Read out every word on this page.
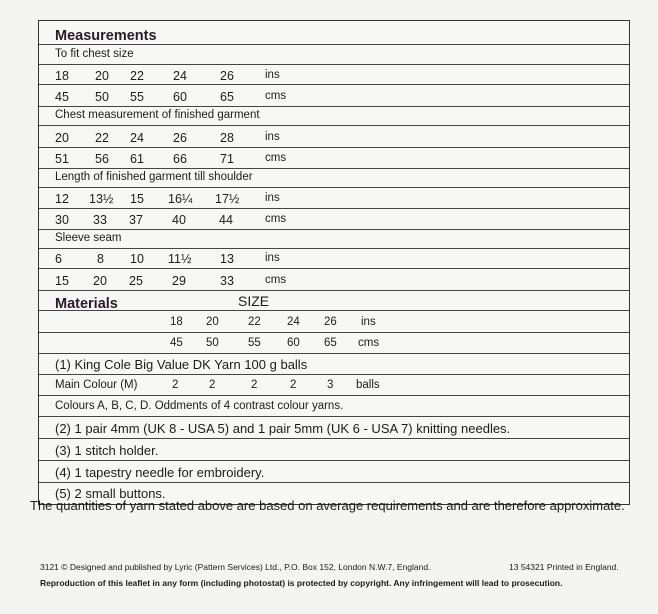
Measurements
To fit chest size
18 20 22 24	26	ins
45 50 55 60	65	cms
Chest measurement of finished garment
20 22 24 26	28	ins
51 56 61 66	71	cms
Length of finished garment till shoulder
12 13½ 15 16¼ 17½ ins
30 33 37 40	44	cms
Sleeve seam
6	8 10 11½ 13	ins
15 20 25 29	33	cms
Materials	SIZE
18 20	22 24 26 ins
45 50	55 60 65 cms
(1) King Cole Big Value DK Yarn 100 g balls
Main Colour (M)	2	2	2	2	3 balls
Colours A, B, C, D. Oddments of 4 contrast colour yarns.
(2) 1 pair 4mm (UK 8 - USA 5) and 1 pair 5mm (UK 6 - USA 7) knitting needles.
(3) 1 stitch holder.
(4) 1 tapestry needle for embroidery.
(5) 2 small buttons.
The quantities of yarn stated above are based on average requirements and are therefore approximate.
3121 © Designed and published by Lyric (Pattern Services) Ltd., P.O. Box 152, London N.W.7, England.	13 54321 Printed in England.
Reproduction of this leaflet in any form (including photostat) is protected by copyright. Any infringement will lead to prosecution.
